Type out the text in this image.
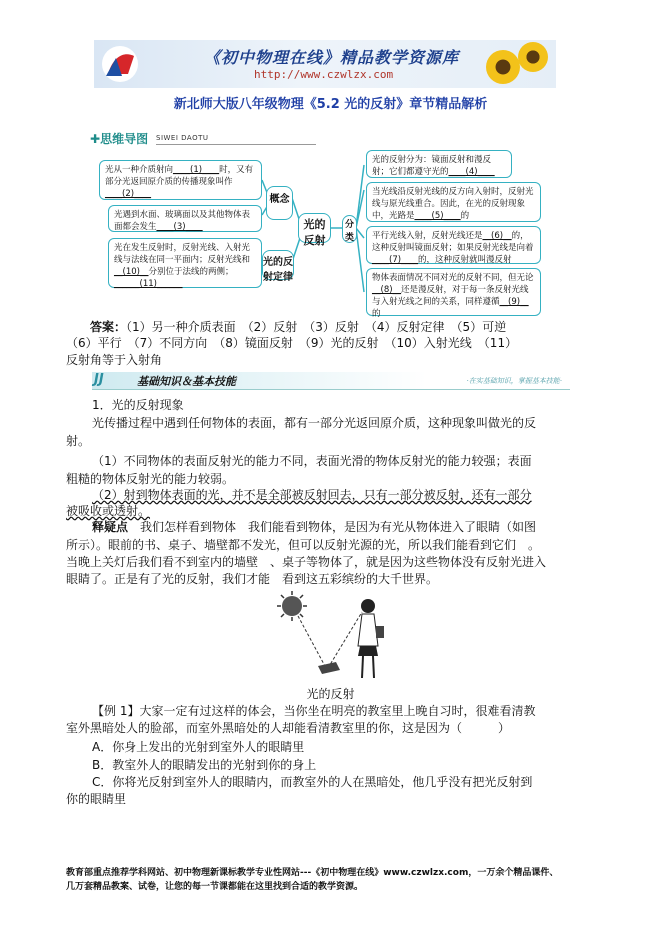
《初中物理在线》精品教学资源库
http://www.czwlzx.com
新北师大版八年级物理《5.2 光的反射》章节精品解析
✚思维导图 SIWEI DAOTU
光从一种介质射向____(1)____时，又有部分光返回原介质的传播现象叫作____(2)____
光遇到水面、玻璃面以及其他物体表面都会发生____(3)____
光在发生反射时，反射光线、入射光线与法线在同一平面内；反射光线和__(10)__分别位于法线的两侧；______(11)______
概念
光的反射
光的反射定律
分类
光的反射分为：镜面反射和漫反射；它们都遵守光的____(4)____
当光线沿反射光线的反方向入射时，反射光线与原光线重合。因此，在光的反射现象中，光路是____(5)____的
平行光线入射，反射光线还是__(6)__的，这种反射叫镜面反射；如果反射光线是向着____(7)____的，这种反射就叫漫反射
物体表面情况不同对光的反射不同，但无论__(8)__还是漫反射，对于每一条反射光线与入射光线之间的关系，同样遵循__(9)__的
答案：（1）另一种介质表面　（2）反射　（3）反射　（4）反射定律　（5）可逆
（6）平行　（7）不同方向　（8）镜面反射　（9）光的反射　（10）入射光线　（11）
反射角等于入射角
JJ	基础知识＆基本技能	·在实基础知识，掌握基本技能·
1．光的反射现象
光传播过程中遇到任何物体的表面，都有一部分光返回原介质，这种现象叫做光的反
射。
（1）不同物体的表面反射光的能力不同，表面光滑的物体反射光的能力较强；表面
粗糙的物体反射光的能力较弱。
（2）射到物体表面的光，并不是全部被反射回去，只有一部分被反射，还有一部分
被吸收或透射。
释疑点　我们怎样看到物体　我们能看到物体，是因为有光从物体进入了眼睛（如图
所示）。眼前的书、桌子、墙壁都不发光，但可以反射光源的光，所以我们能看到它们　。
当晚上关灯后我们看不到室内的墙壁　、桌子等物体了，就是因为这些物体没有反射光进入
眼睛了。正是有了光的反射，我们才能　看到这五彩缤纷的大千世界。
光的反射
【例 1】大家一定有过这样的体会，当你坐在明亮的教室里上晚自习时，很难看清教
室外黑暗处人的脸部，而室外黑暗处的人却能看清教室里的你，这是因为（　　　）
A．你身上发出的光射到室外人的眼睛里
B．教室外人的眼睛发出的光射到你的身上
C．你将光反射到室外人的眼睛内，而教室外的人在黑暗处，他几乎没有把光反射到
你的眼睛里
教育部重点推荐学科网站、初中物理新课标教学专业性网站---《初中物理在线》www.czwlzx.com，一万余个精品课件、
几万套精品教案、试卷，让您的每一节课都能在这里找到合适的教学资源。
